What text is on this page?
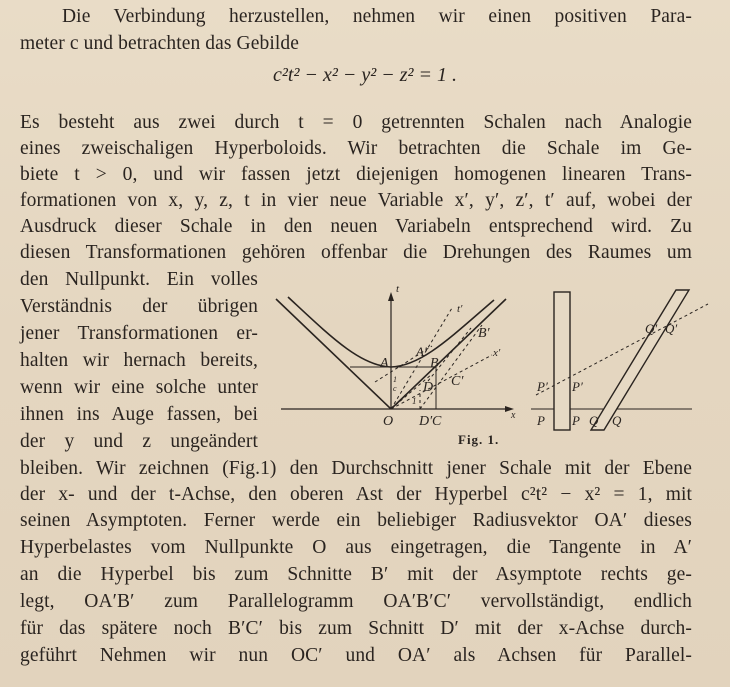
Die Verbindung herzustellen, nehmen wir einen positiven Para-
meter c und betrachten das Gebilde
c²t² − x² − y² − z² = 1 .
Es besteht aus zwei durch t = 0 getrennten Schalen nach Analogie
eines zweischaligen Hyperboloids. Wir betrachten die Schale im Ge-
biete t > 0, und wir fassen jetzt diejenigen homogenen linearen Trans-
formationen von x, y, z, t in vier neue Variable x′, y′, z′, t′ auf, wobei der
Ausdruck dieser Schale in den neuen Variabeln entsprechend wird. Zu
diesen Transformationen gehören offenbar die Drehungen des Raumes um
den Nullpunkt. Ein volles
Verständnis der übrigen
jener Transformationen er-
halten wir hernach bereits,
wenn wir eine solche unter
ihnen ins Auge fassen, bei
der y und z ungeändert
bleiben. Wir zeichnen (Fig.1) den Durchschnitt jener Schale mit der Ebene
der x- und der t-Achse, den oberen Ast der Hyperbel c²t² − x² = 1, mit
seinen Asymptoten. Ferner werde ein beliebiger Radiusvektor OA′ dieses
Hyperbelastes vom Nullpunkte O aus eingetragen, die Tangente in A′
an die Hyperbel bis zum Schnitte B′ mit der Asymptote rechts ge-
legt, OA′B′ zum Parallelogramm OA′B′C′ vervollständigt, endlich
für das spätere noch B′C′ bis zum Schnitt D′ mit der x-Achse durch-
geführt Nehmen wir nun OC′ und OA′ als Achsen für Parallel-
t
t′
x′
x
A
A′
B
B′
D C′
O D′ C
1
c
1
P′ P′
P P Q Q
Q′ Q′
Fig. 1.
